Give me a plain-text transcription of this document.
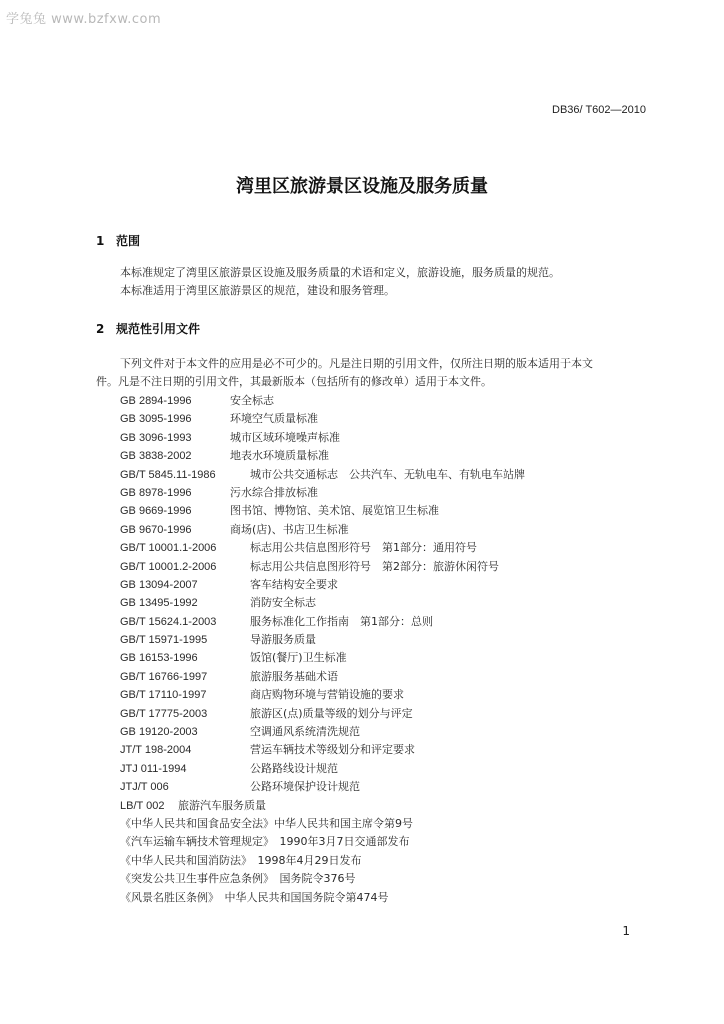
学兔兔 www.bzfxw.com
DB36/ T602—2010
湾里区旅游景区设施及服务质量
1 范围
本标准规定了湾里区旅游景区设施及服务质量的术语和定义，旅游设施，服务质量的规范。
本标准适用于湾里区旅游景区的规范，建设和服务管理。
2 规范性引用文件
下列文件对于本文件的应用是必不可少的。凡是注日期的引用文件，仅所注日期的版本适用于本文
件。凡是不注日期的引用文件，其最新版本（包括所有的修改单）适用于本文件。
GB 2894-1996	安全标志
GB 3095-1996	环境空气质量标准
GB 3096-1993	城市区域环境噪声标准
GB 3838-2002	地表水环境质量标准
GB/T 5845.11-1986	城市公共交通标志　公共汽车、无轨电车、有轨电车站牌
GB 8978-1996	污水综合排放标准
GB 9669-1996	图书馆、博物馆、美术馆、展览馆卫生标准
GB 9670-1996	商场(店)、书店卫生标准
GB/T 10001.1-2006	标志用公共信息图形符号　第1部分：通用符号
GB/T 10001.2-2006	标志用公共信息图形符号　第2部分：旅游休闲符号
GB 13094-2007	客车结构安全要求
GB 13495-1992	消防安全标志
GB/T 15624.1-2003	服务标准化工作指南　第1部分：总则
GB/T 15971-1995	导游服务质量
GB 16153-1996	饭馆(餐厅)卫生标准
GB/T 16766-1997	旅游服务基础术语
GB/T 17110-1997	商店购物环境与营销设施的要求
GB/T 17775-2003	旅游区(点)质量等级的划分与评定
GB 19120-2003	空调通风系统清洗规范
JT/T 198-2004	营运车辆技术等级划分和评定要求
JTJ 011-1994	公路路线设计规范
JTJ/T 006	公路环境保护设计规范
LB/T 002 旅游汽车服务质量
《中华人民共和国食品安全法》中华人民共和国主席令第9号
《汽车运输车辆技术管理规定》　1990年3月7日交通部发布
《中华人民共和国消防法》　1998年4月29日发布
《突发公共卫生事件应急条例》　国务院令376号
《风景名胜区条例》　中华人民共和国国务院令第474号
1
